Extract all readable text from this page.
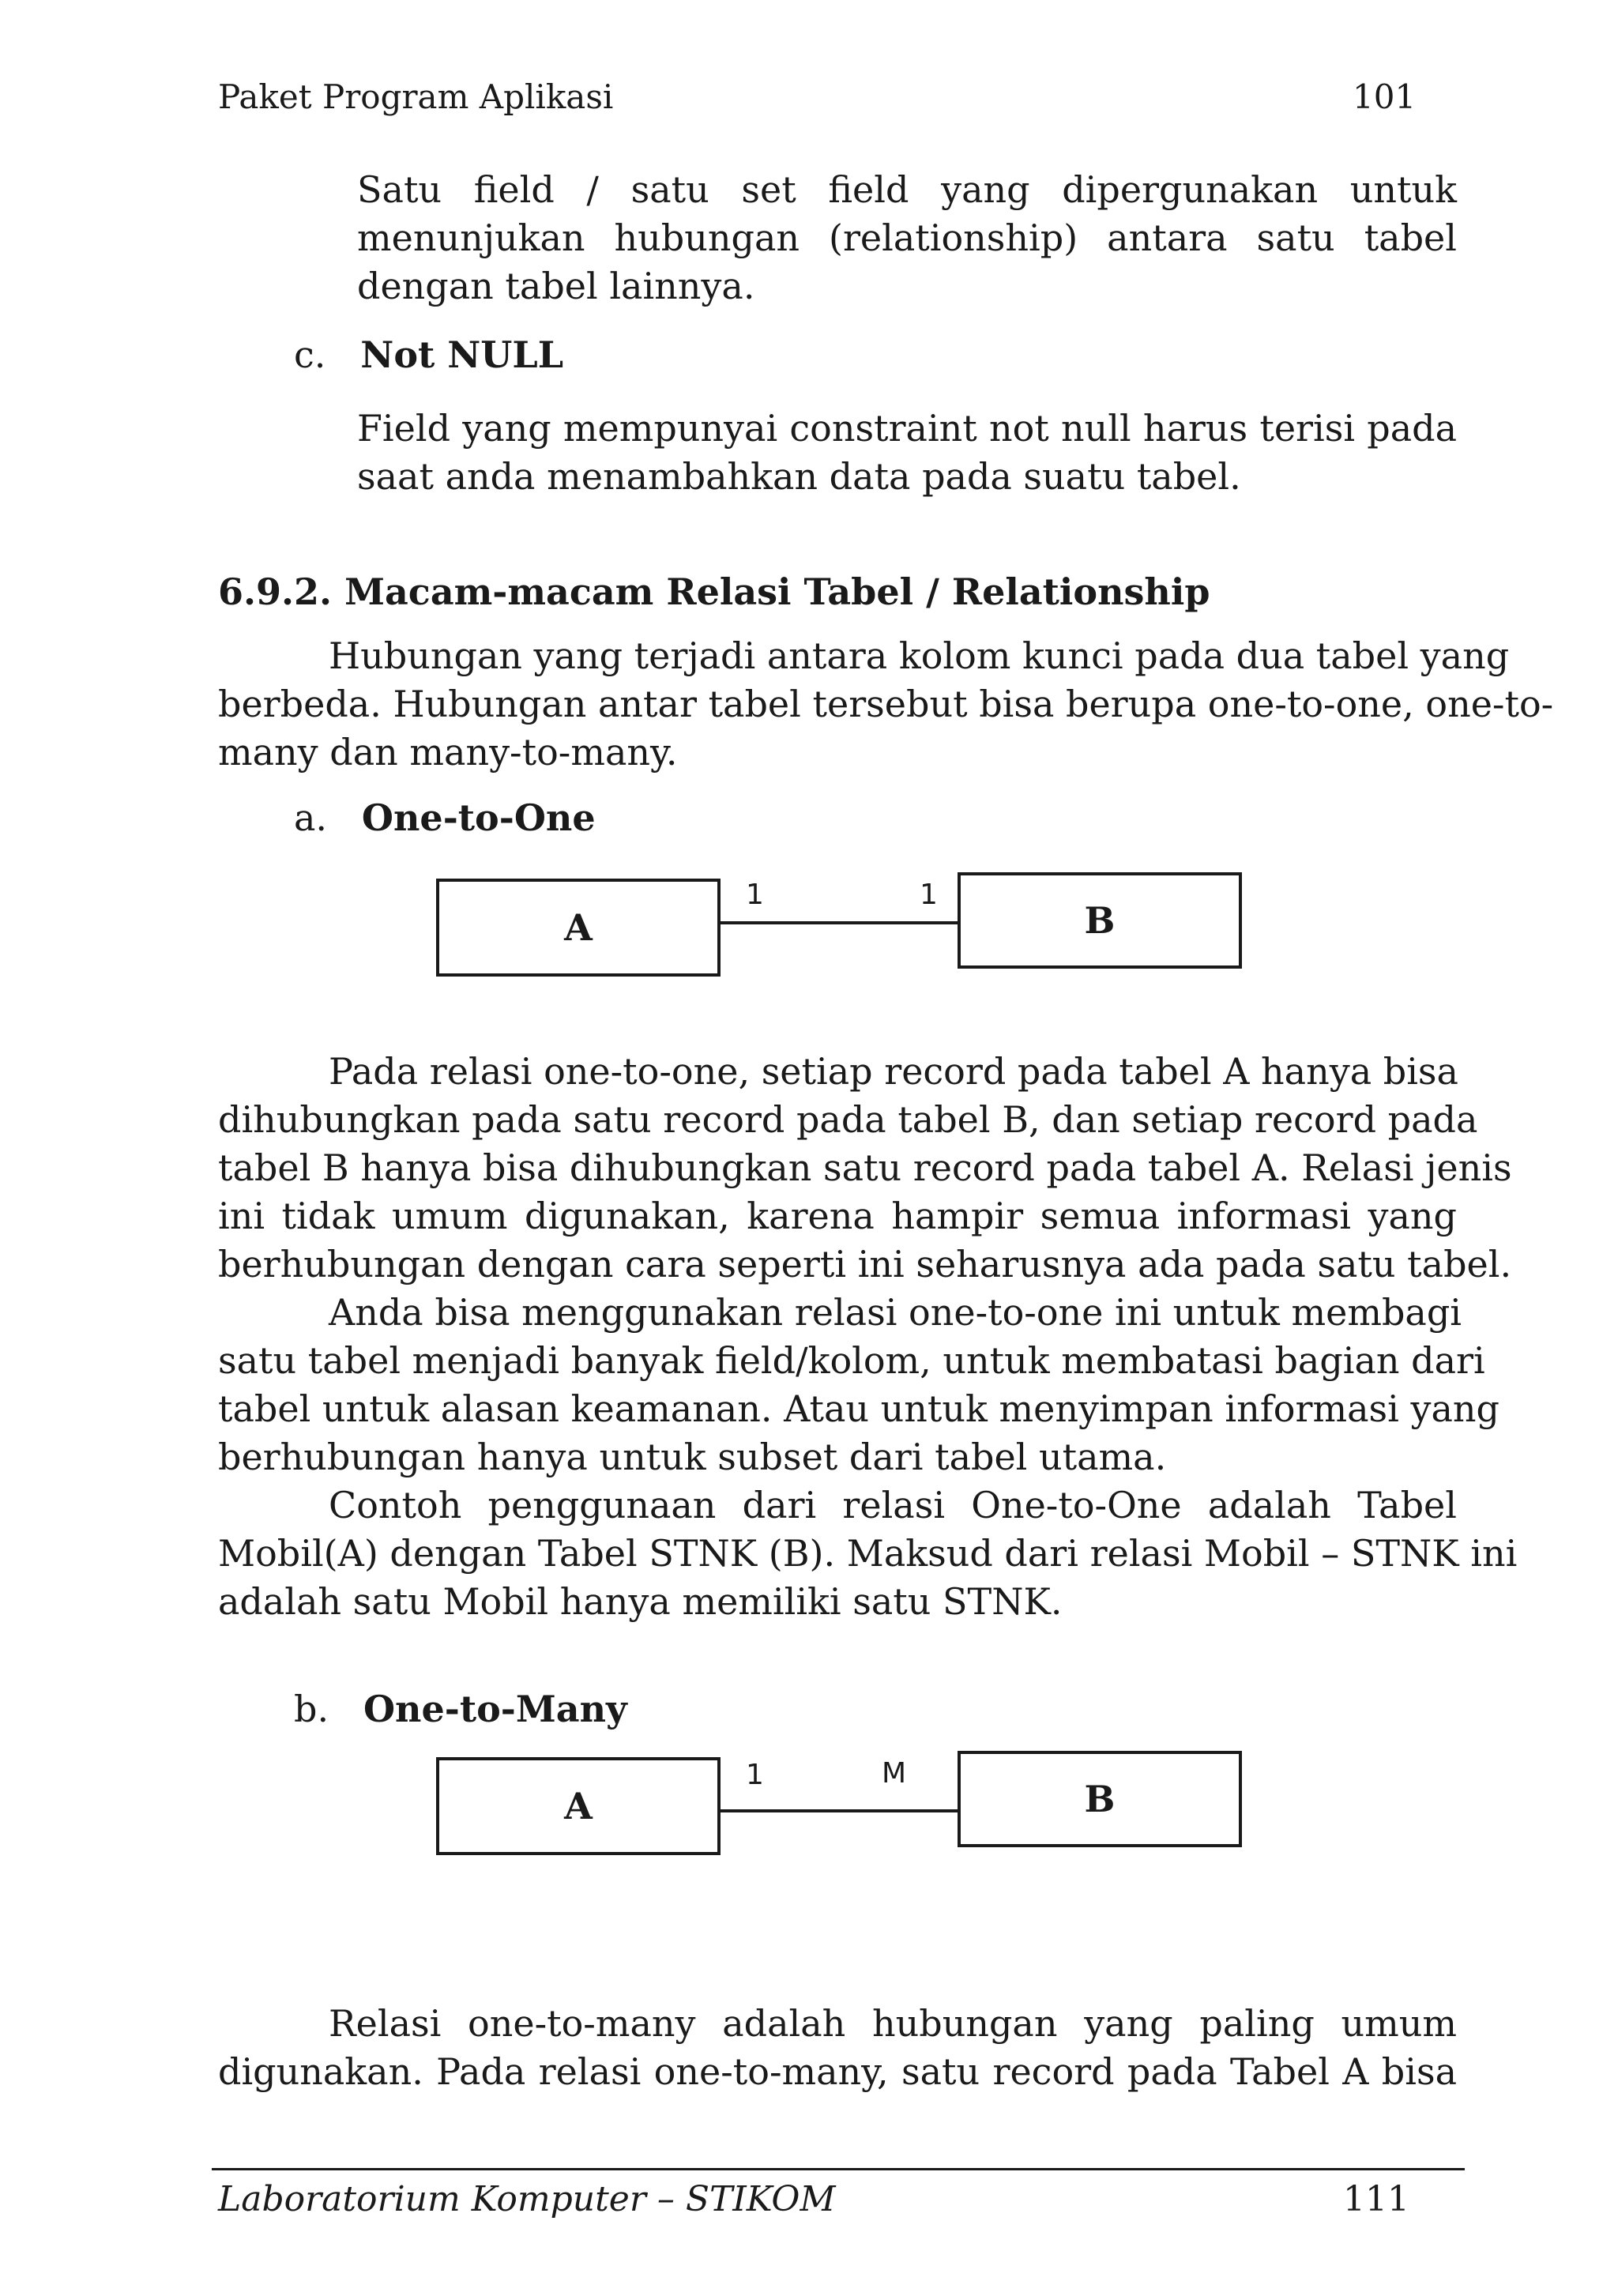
Paket Program Aplikasi	101
Satu field / satu set field yang dipergunakan untuk
menunjukan hubungan (relationship) antara satu tabel
dengan tabel lainnya.
c. Not NULL
Field yang mempunyai constraint not null harus terisi pada
saat anda menambahkan data pada suatu tabel.
6.9.2. Macam-macam Relasi Tabel / Relationship
Hubungan yang terjadi antara kolom kunci pada dua tabel yang
berbeda. Hubungan antar tabel tersebut bisa berupa one-to-one, one-to-
many dan many-to-many.
a. One-to-One
A	B
1	1
Pada relasi one-to-one, setiap record pada tabel A hanya bisa
dihubungkan pada satu record pada tabel B, dan setiap record pada
tabel B hanya bisa dihubungkan satu record pada tabel A. Relasi jenis
ini tidak umum digunakan, karena hampir semua informasi yang
berhubungan dengan cara seperti ini seharusnya ada pada satu tabel.
Anda bisa menggunakan relasi one-to-one ini untuk membagi
satu tabel menjadi banyak field/kolom, untuk membatasi bagian dari
tabel untuk alasan keamanan. Atau untuk menyimpan informasi yang
berhubungan hanya untuk subset dari tabel utama.
Contoh penggunaan dari relasi One-to-One adalah Tabel
Mobil(A) dengan Tabel STNK (B). Maksud dari relasi Mobil – STNK ini
adalah satu Mobil hanya memiliki satu STNK.
b. One-to-Many
A	B
1	M
Relasi one-to-many adalah hubungan yang paling umum
digunakan. Pada relasi one-to-many, satu record pada Tabel A bisa
Laboratorium Komputer – STIKOM	111
